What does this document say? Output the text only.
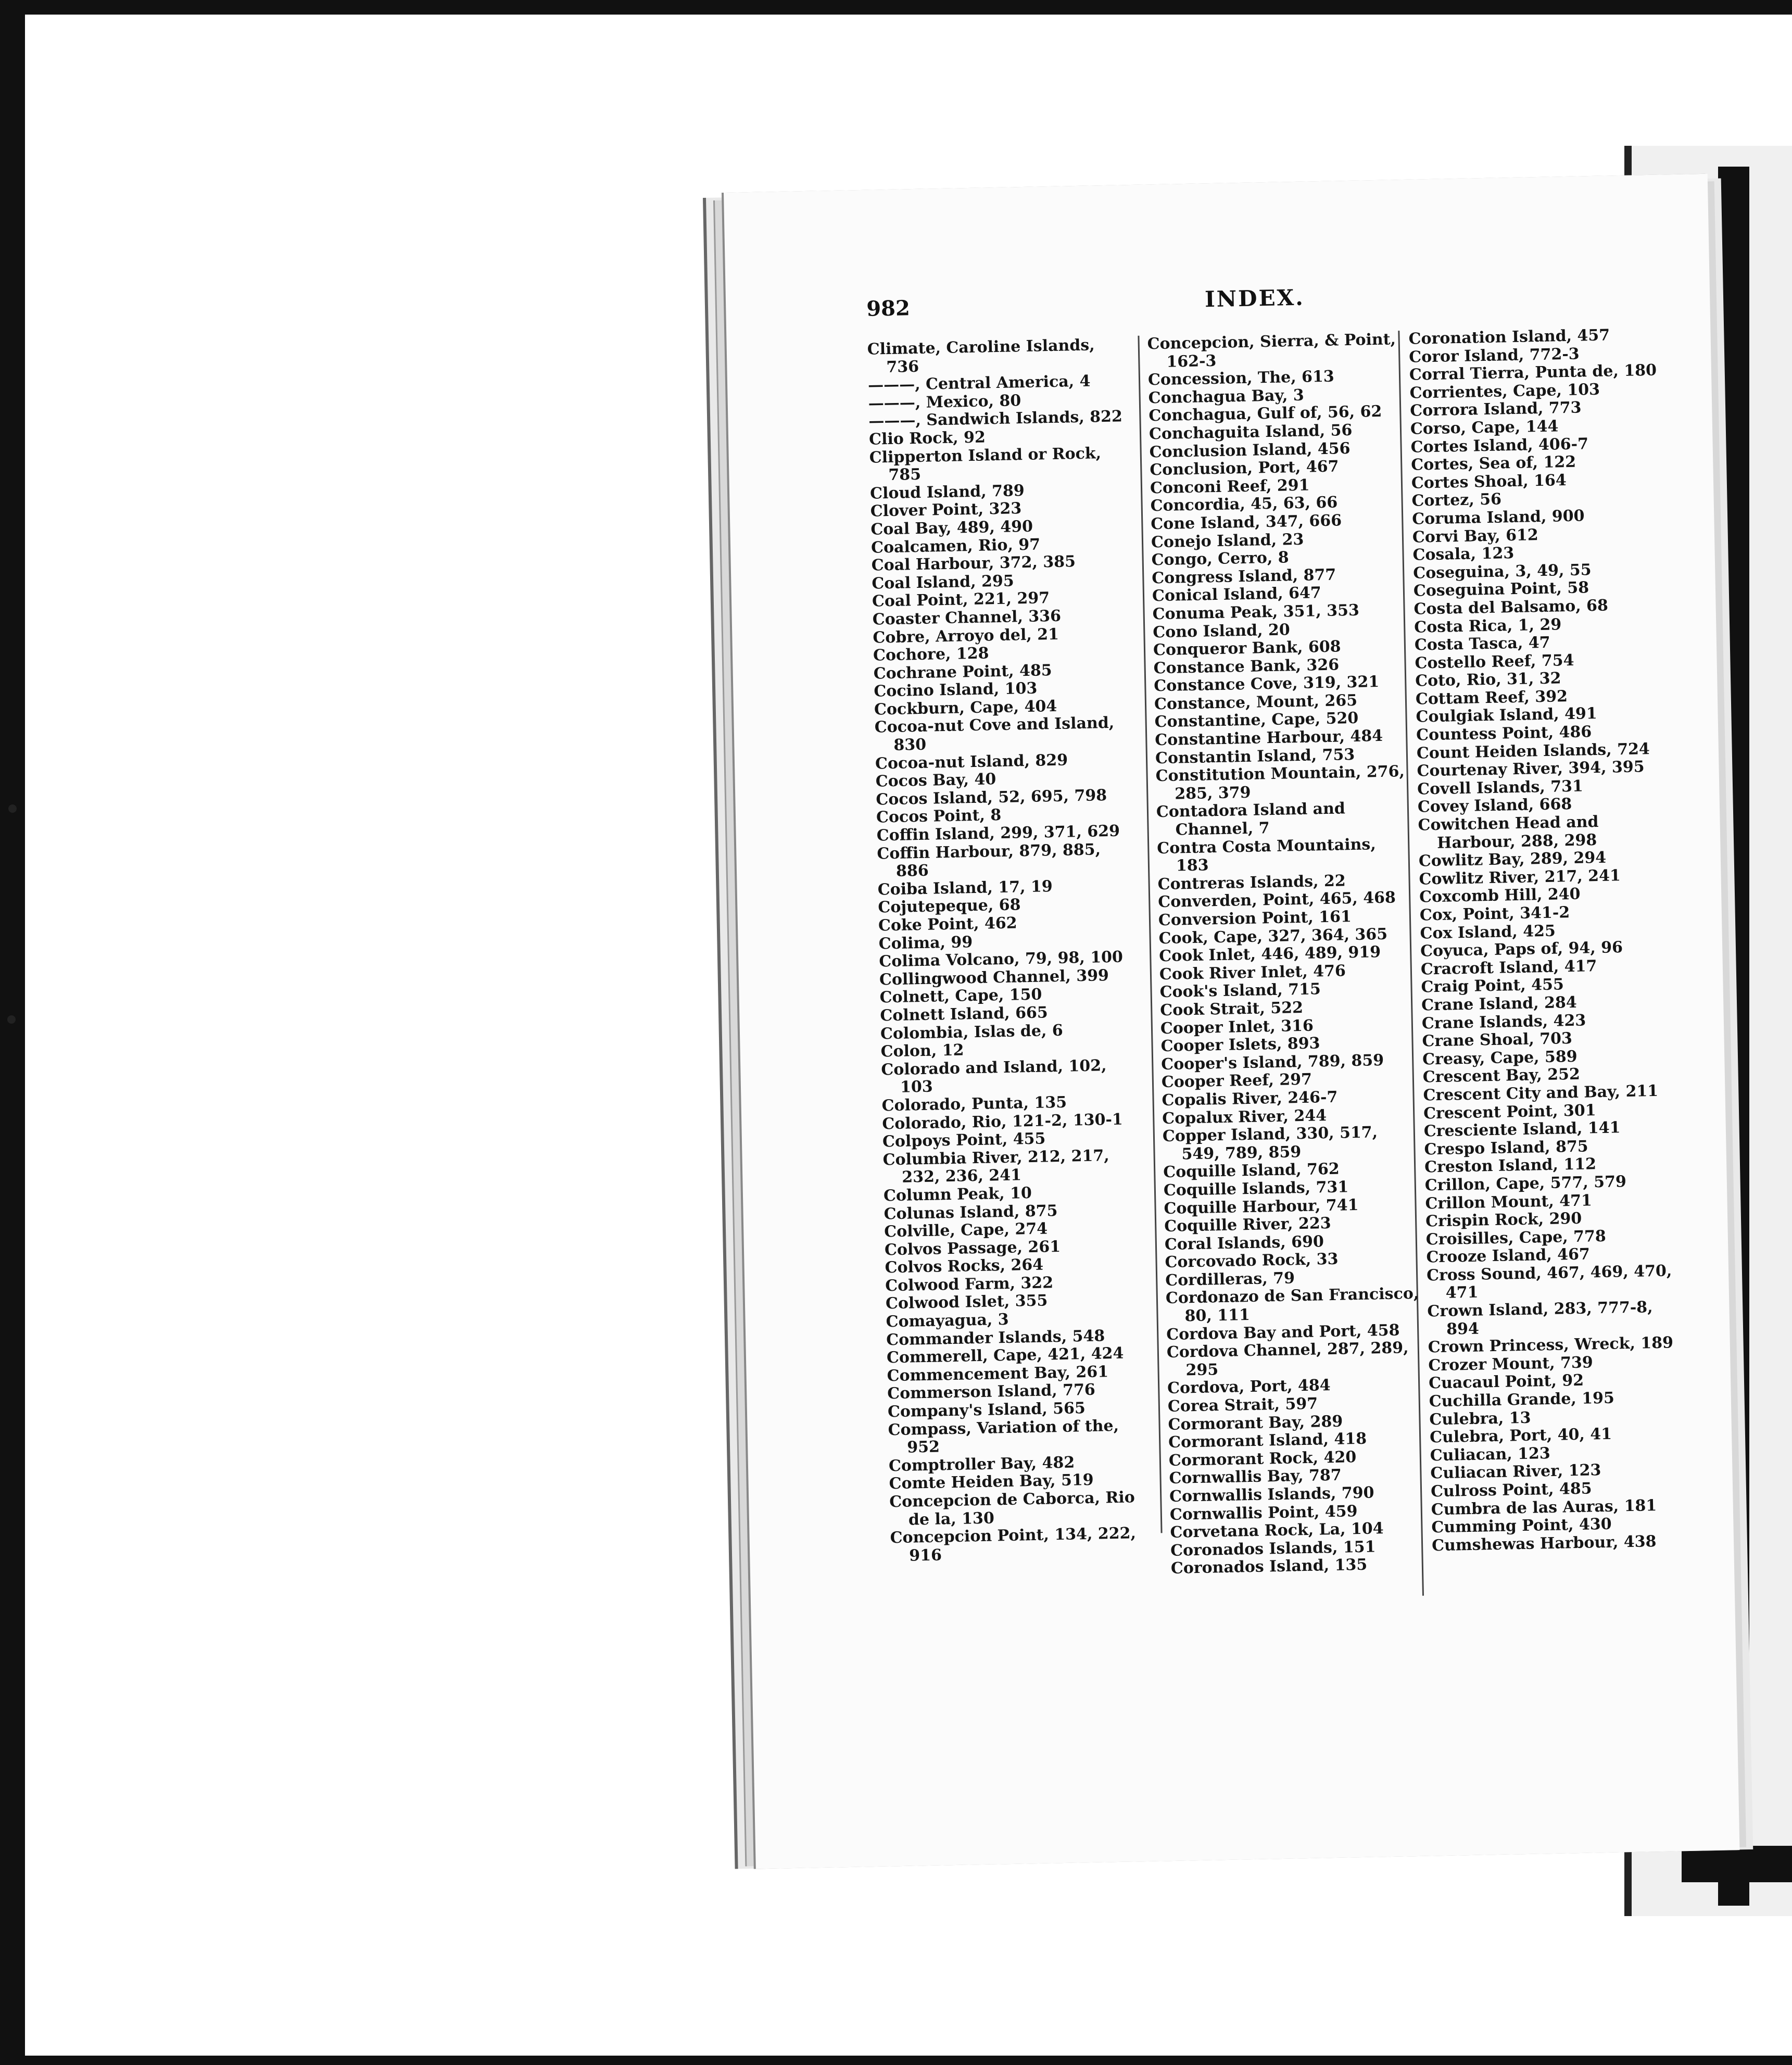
982	INDEX.

Climate, Caroline Islands, 736

———, Central America, 4

———, Mexico, 80

———, Sandwich Islands, 822

Clio Rock, 92

Clipperton Island or Rock, 785

Cloud Island, 789

Clover Point, 323

Coal Bay, 489, 490

Coalcamen, Rio, 97

Coal Harbour, 372, 385

Coal Island, 295

Coal Point, 221, 297

Coaster Channel, 336

Cobre, Arroyo del, 21

Cochore, 128

Cochrane Point, 485

Cocino Island, 103

Cockburn, Cape, 404

Cocoa-nut Cove and Island, 830

Cocoa-nut Island, 829

Cocos Bay, 40

Cocos Island, 52, 695, 798

Cocos Point, 8

Coffin Island, 299, 371, 629

Coffin Harbour, 879, 885, 886

Coiba Island, 17, 19

Cojutepeque, 68

Coke Point, 462

Colima, 99

Colima Volcano, 79, 98, 100

Collingwood Channel, 399

Colnett, Cape, 150

Colnett Island, 665

Colombia, Islas de, 6

Colon, 12

Colorado and Island, 102, 103

Colorado, Punta, 135

Colorado, Rio, 121-2, 130-1

Colpoys Point, 455

Columbia River, 212, 217, 232, 236, 241

Column Peak, 10

Colunas Island, 875

Colville, Cape, 274

Colvos Passage, 261

Colvos Rocks, 264

Colwood Farm, 322

Colwood Islet, 355

Comayagua, 3

Commander Islands, 548

Commerell, Cape, 421, 424

Commencement Bay, 261

Commerson Island, 776

Company's Island, 565

Compass, Variation of the, 952

Comptroller Bay, 482

Comte Heiden Bay, 519

Concepcion de Caborca, Rio de la, 130

Concepcion Point, 134, 222, 916

Concepcion, Sierra, & Point, 162-3

Concession, The, 613

Conchagua Bay, 3

Conchagua, Gulf of, 56, 62

Conchaguita Island, 56

Conclusion Island, 456

Conclusion, Port, 467

Conconi Reef, 291

Concordia, 45, 63, 66

Cone Island, 347, 666

Conejo Island, 23

Congo, Cerro, 8

Congress Island, 877

Conical Island, 647

Conuma Peak, 351, 353

Cono Island, 20

Conqueror Bank, 608

Constance Bank, 326

Constance Cove, 319, 321

Constance, Mount, 265

Constantine, Cape, 520

Constantine Harbour, 484

Constantin Island, 753

Constitution Mountain, 276, 285, 379

Contadora Island and Channel, 7

Contra Costa Mountains, 183

Contreras Islands, 22

Converden, Point, 465, 468

Conversion Point, 161

Cook, Cape, 327, 364, 365

Cook Inlet, 446, 489, 919

Cook River Inlet, 476

Cook's Island, 715

Cook Strait, 522

Cooper Inlet, 316

Cooper Islets, 893

Cooper's Island, 789, 859

Cooper Reef, 297

Copalis River, 246-7

Copalux River, 244

Copper Island, 330, 517, 549, 789, 859

Coquille Island, 762

Coquille Islands, 731

Coquille Harbour, 741

Coquille River, 223

Coral Islands, 690

Corcovado Rock, 33

Cordilleras, 79

Cordonazo de San Francisco, 80, 111

Cordova Bay and Port, 458

Cordova Channel, 287, 289, 295

Cordova, Port, 484

Corea Strait, 597

Cormorant Bay, 289

Cormorant Island, 418

Cormorant Rock, 420

Cornwallis Bay, 787

Cornwallis Islands, 790

Cornwallis Point, 459

Corvetana Rock, La, 104

Coronados Islands, 151

Coronados Island, 135

Coronation Island, 457

Coror Island, 772-3

Corral Tierra, Punta de, 180

Corrientes, Cape, 103

Corrora Island, 773

Corso, Cape, 144

Cortes Island, 406-7

Cortes, Sea of, 122

Cortes Shoal, 164

Cortez, 56

Coruma Island, 900

Corvi Bay, 612

Cosala, 123

Coseguina, 3, 49, 55

Coseguina Point, 58

Costa del Balsamo, 68

Costa Rica, 1, 29

Costa Tasca, 47

Costello Reef, 754

Coto, Rio, 31, 32

Cottam Reef, 392

Coulgiak Island, 491

Countess Point, 486

Count Heiden Islands, 724

Courtenay River, 394, 395

Covell Islands, 731

Covey Island, 668

Cowitchen Head and Harbour, 288, 298

Cowlitz Bay, 289, 294

Cowlitz River, 217, 241

Coxcomb Hill, 240

Cox, Point, 341-2

Cox Island, 425

Coyuca, Paps of, 94, 96

Cracroft Island, 417

Craig Point, 455

Crane Island, 284

Crane Islands, 423

Crane Shoal, 703

Creasy, Cape, 589

Crescent Bay, 252

Crescent City and Bay, 211

Crescent Point, 301

Cresciente Island, 141

Crespo Island, 875

Creston Island, 112

Crillon, Cape, 577, 579

Crillon Mount, 471

Crispin Rock, 290

Croisilles, Cape, 778

Crooze Island, 467

Cross Sound, 467, 469, 470, 471

Crown Island, 283, 777-8, 894

Crown Princess, Wreck, 189

Crozer Mount, 739

Cuacaul Point, 92

Cuchilla Grande, 195

Culebra, 13

Culebra, Port, 40, 41

Culiacan, 123

Culiacan River, 123

Culross Point, 485

Cumbra de las Auras, 181

Cumming Point, 430

Cumshewas Harbour, 438
